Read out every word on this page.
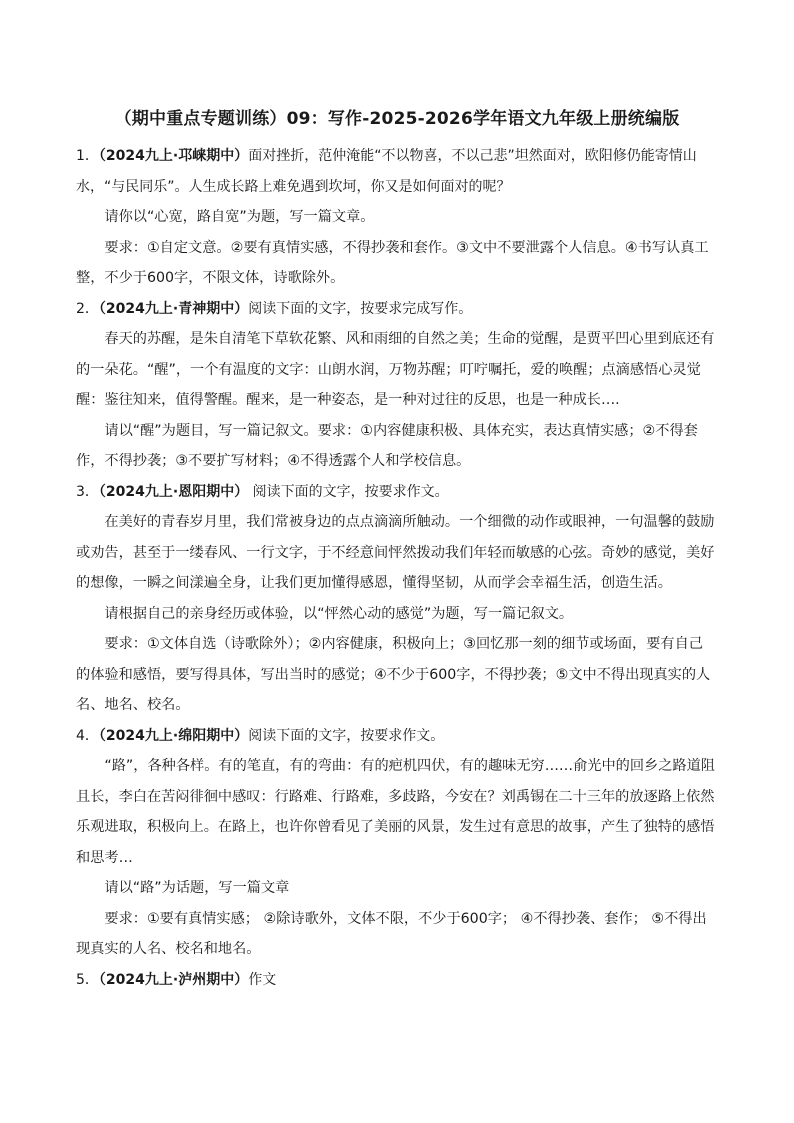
（期中重点专题训练）09：写作-2025-2026学年语文九年级上册统编版

1．（2024九上·邛崃期中）面对挫折，范仲淹能“不以物喜，不以己悲”坦然面对，欧阳修仍能寄情山水，“与民同乐”。人生成长路上难免遇到坎坷，你又是如何面对的呢？

请你以“心宽，路自宽”为题，写一篇文章。

要求：①自定文意。②要有真情实感，不得抄袭和套作。③文中不要泄露个人信息。④书写认真工整，不少于600字，不限文体，诗歌除外。

2．（2024九上·青神期中）阅读下面的文字，按要求完成写作。

春天的苏醒，是朱自清笔下草软花繁、风和雨细的自然之美；生命的觉醒，是贾平凹心里到底还有的一朵花。“醒”，一个有温度的文字：山朗水润，万物苏醒；叮咛嘱托，爱的唤醒；点滴感悟心灵觉醒：鉴往知来，值得警醒。醒来，是一种姿态，是一种对过往的反思，也是一种成长….

请以“醒”为题目，写一篇记叙文。要求：①内容健康积极、具体充实，表达真情实感；②不得套作，不得抄袭；③不要扩写材料；④不得透露个人和学校信息。

3．（2024九上·恩阳期中） 阅读下面的文字，按要求作文。

在美好的青春岁月里，我们常被身边的点点滴滴所触动。一个细微的动作或眼神，一句温馨的鼓励或劝告，甚至于一缕春风、一行文字，于不经意间怦然拨动我们年轻而敏感的心弦。奇妙的感觉，美好的想像，一瞬之间漾遍全身，让我们更加懂得感恩，懂得坚韧，从而学会幸福生活，创造生活。

请根据自己的亲身经历或体验，以“怦然心动的感觉”为题，写一篇记叙文。

要求：①文体自选（诗歌除外）；②内容健康，积极向上；③回忆那一刻的细节或场面，要有自己的体验和感悟，要写得具体，写出当时的感觉；④不少于600字，不得抄袭；⑤文中不得出现真实的人名、地名、校名。

4．（2024九上·绵阳期中）阅读下面的文字，按要求作文。

“路”，各种各样。有的笔直，有的弯曲：有的疤机四伏，有的趣味无穷……俞光中的回乡之路道阻且长，李白在苦闷徘徊中感叹：行路难、行路难，多歧路，今安在？刘禹锡在二十三年的放逐路上依然乐观进取，积极向上。在路上，也许你曾看见了美丽的风景，发生过有意思的故事，产生了独特的感悟和思考…

请以“路”为话题，写一篇文章

要求：①要有真情实感； ②除诗歌外，文体不限，不少于600字； ④不得抄袭、套作； ⑤不得出现真实的人名、校名和地名。

5．（2024九上·泸州期中）作文
